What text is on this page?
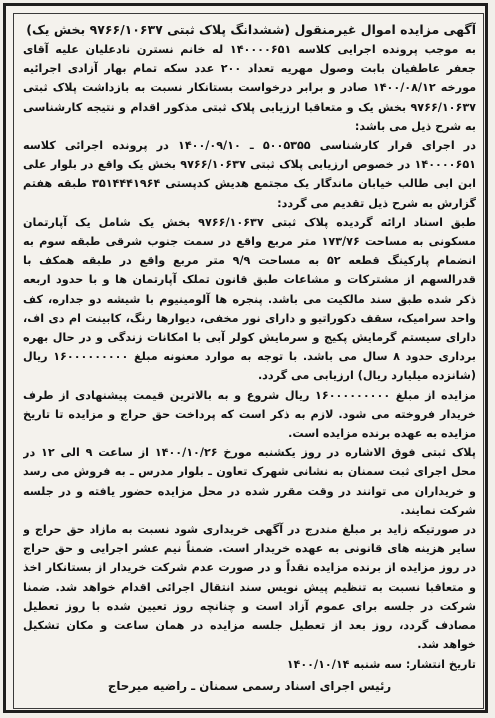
آگهی مزایده اموال غیرمنقول (ششدانگ پلاک ثبتی ۹۷۶۶/۱۰۶۳۷ بخش یک)

به موجب پرونده اجرایی کلاسه ۱۴۰۰۰۰۶۵۱ له خانم نسترن نادعلیان علیه آقای جعفر عاطفیان بابت وصول مهریه تعداد ۲۰۰ عدد سکه تمام بهار آزادی اجرائیه مورخه ۱۴۰۰/۰۸/۱۲ صادر و برابر درخواست بستانکار نسبت به بازداشت پلاک ثبتی ۹۷۶۶/۱۰۶۳۷ بخش یک و متعاقبا ارزیابی پلاک ثبتی مذکور اقدام و نتیجه کارشناسی به شرح ذیل می باشد:

در اجرای قرار کارشناسی ۵۰۰۵۳۵۵ ـ ۱۴۰۰/۰۹/۱۰ در پرونده اجرائی کلاسه ۱۴۰۰۰۰۶۵۱ در خصوص ارزیابی پلاک ثبتی ۹۷۶۶/۱۰۶۳۷ بخش یک واقع در بلوار علی ابن ابی طالب خیابان ماندگار یک مجتمع هدیش کدپستی ۳۵۱۴۴۴۱۹۶۴ طبقه هفتم گزارش به شرح ذیل تقدیم می گردد:

طبق اسناد ارائه گردیده پلاک ثبتی ۹۷۶۶/۱۰۶۳۷ بخش یک شامل یک آپارتمان مسکونی به مساحت ۱۷۳/۷۶ متر مربع واقع در سمت جنوب شرقی طبقه سوم به انضمام پارکینگ قطعه ۵۲ به مساحت ۹/۹ متر مربع واقع در طبقه همکف با قدرالسهم از مشترکات و مشاعات طبق قانون تملک آپارتمان ها و با حدود اربعه ذکر شده طبق سند مالکیت می باشد. پنجره ها آلومینیوم با شیشه دو جداره، کف واحد سرامیک، سقف دکوراتیو و دارای نور مخفی، دیوارها رنگ، کابینت ام دی اف، دارای سیستم گرمایش پکیج و سرمایش کولر آبی با امکانات زندگی و در حال بهره برداری حدود ۸ سال می باشد. با توجه به موارد معنونه مبلغ ۱۶۰۰۰۰۰۰۰۰۰ ریال (شانزده میلیارد ریال) ارزیابی می گردد.

مزایده از مبلغ ۱۶۰۰۰۰۰۰۰۰۰ ریال شروع و به بالاترین قیمت پیشنهادی از طرف خریدار فروخته می شود. لازم به ذکر است که پرداخت حق حراج و مزایده تا تاریخ مزایده به عهده برنده مزایده است.

پلاک ثبتی فوق الاشاره در روز یکشنبه مورخ ۱۴۰۰/۱۰/۲۶ از ساعت ۹ الی ۱۲ در محل اجرای ثبت سمنان به نشانی شهرک تعاون ـ بلوار مدرس ـ به فروش می رسد و خریداران می توانند در وقت مقرر شده در محل مزایده حضور یافته و در جلسه شرکت نمایند.

در صورتیکه زاید بر مبلغ مندرج در آگهی خریداری شود نسبت به مازاد حق حراج و سایر هزینه های قانونی به عهده خریدار است. ضمناً نیم عشر اجرایی و حق حراج در روز مزایده از برنده مزایده نقداً و در صورت عدم شرکت خریدار از بستانکار اخذ و متعاقبا نسبت به تنظیم پیش نویس سند انتقال اجرائی اقدام خواهد شد. ضمنا شرکت در جلسه برای عموم آزاد است و چنانچه روز تعیین شده با روز تعطیل مصادف گردد، روز بعد از تعطیل جلسه مزایده در همان ساعت و مکان تشکیل خواهد شد.

تاریخ انتشار: سه شنبه ۱۴۰۰/۱۰/۱۴

رئیس اجرای اسناد رسمی سمنان ـ راضیه میرحاج
